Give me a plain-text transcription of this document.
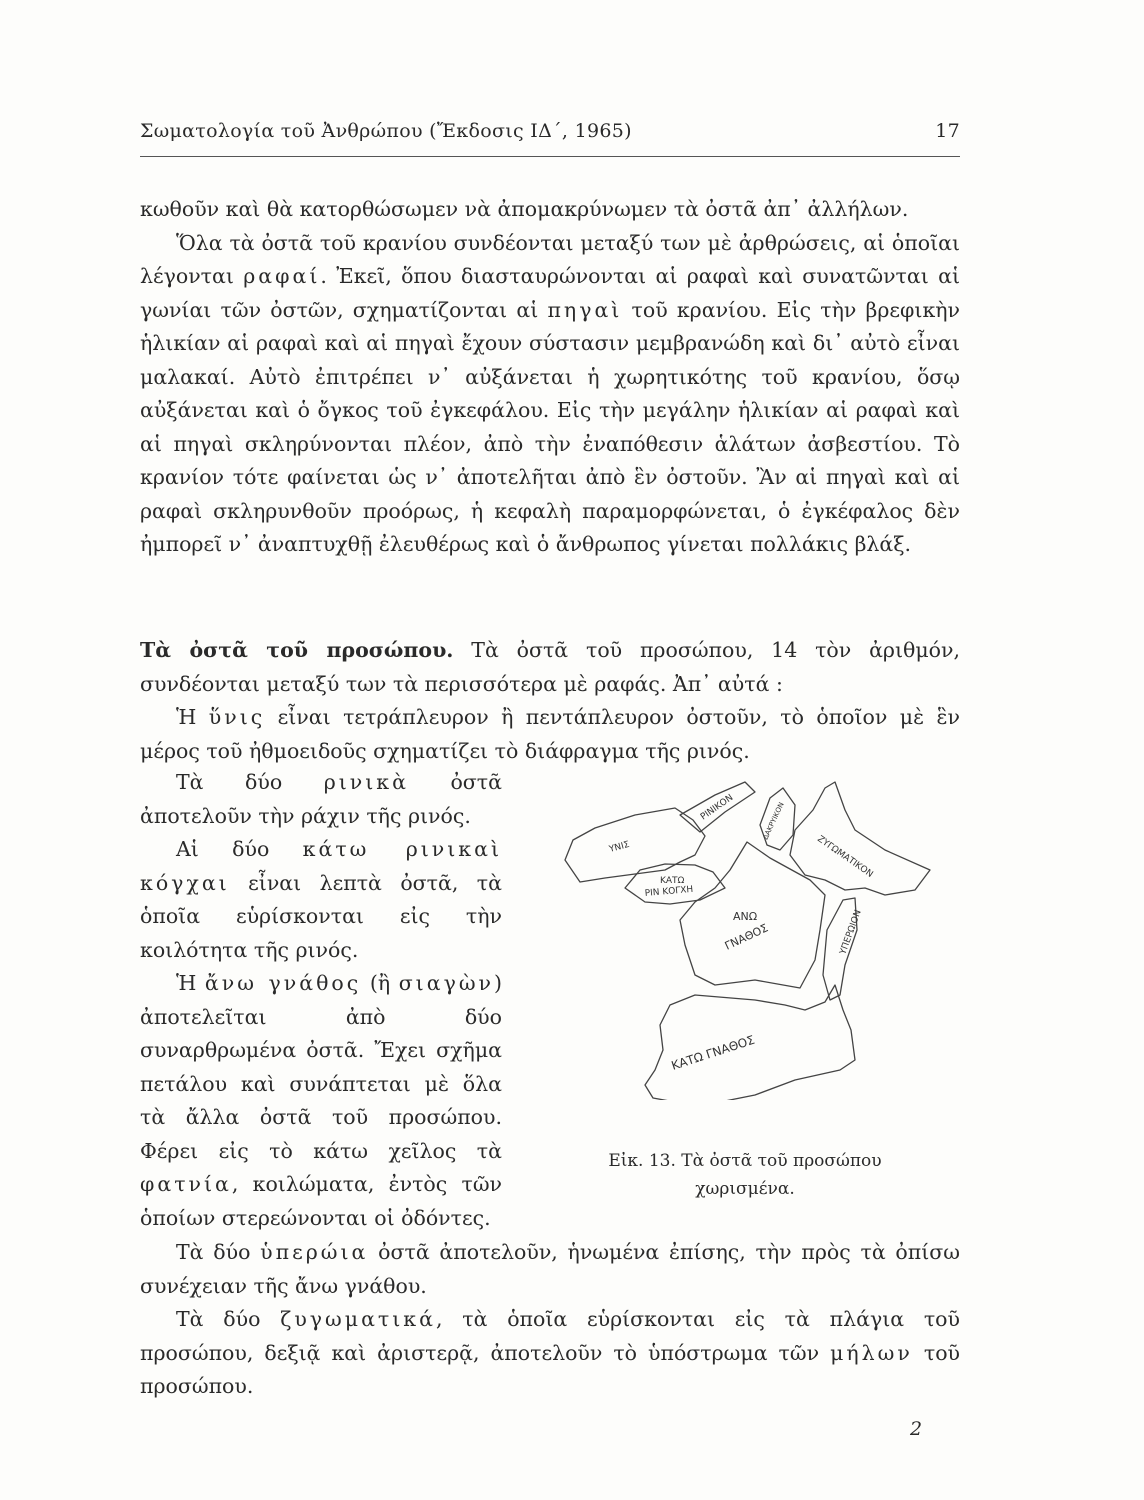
Σωματολογία τοῦ Ἀνθρώπου (Ἔκδοσις ΙΔ΄, 1965)	17

κωθοῦν καὶ θὰ κατορθώσωμεν νὰ ἀπομακρύνωμεν τὰ ὀστᾶ ἀπ᾽ ἀλλήλων.

Ὅλα τὰ ὀστᾶ τοῦ κρανίου συνδέονται μεταξύ των μὲ ἀρθρώσεις, αἱ ὁποῖαι λέγονται ραφαί. Ἐκεῖ, ὅπου διασταυρώνονται αἱ ραφαὶ καὶ συνατῶνται αἱ γωνίαι τῶν ὀστῶν, σχηματίζονται αἱ πηγαὶ τοῦ κρανίου. Εἰς τὴν βρεφικὴν ἡλικίαν αἱ ραφαὶ καὶ αἱ πηγαὶ ἔχουν σύστασιν μεμβρανώδη καὶ δι᾽ αὐτὸ εἶναι μαλακαί. Αὐτὸ ἐπιτρέπει ν᾽ αὐξάνεται ἡ χωρητικότης τοῦ κρανίου, ὅσῳ αὐξάνεται καὶ ὁ ὄγκος τοῦ ἐγκεφάλου. Εἰς τὴν μεγάλην ἡλικίαν αἱ ραφαὶ καὶ αἱ πηγαὶ σκληρύνονται πλέον, ἀπὸ τὴν ἐναπόθεσιν ἁλάτων ἀσβεστίου. Τὸ κρανίον τότε φαίνεται ὡς ν᾽ ἀποτελῆται ἀπὸ ἓν ὀστοῦν. Ἂν αἱ πηγαὶ καὶ αἱ ραφαὶ σκληρυνθοῦν προόρως, ἡ κεφαλὴ παραμορφώνεται, ὁ ἐγκέφαλος δὲν ἠμπορεῖ ν᾽ ἀναπτυχθῇ ἐλευθέρως καὶ ὁ ἄνθρωπος γίνεται πολλάκις βλάξ.

Τὰ ὀστᾶ τοῦ προσώπου. Τὰ ὀστᾶ τοῦ προσώπου, 14 τὸν ἀριθμόν, συνδέονται μεταξύ των τὰ περισσότερα μὲ ραφάς. Ἀπ᾽ αὐτά :

Ἡ ὕνις εἶναι τετράπλευρον ἢ πεντάπλευρον ὀστοῦν, τὸ ὁποῖον μὲ ἓν μέρος τοῦ ἠθμοειδοῦς σχηματίζει τὸ διάφραγμα τῆς ρινός.

Τὰ δύο ρινικὰ ὀστᾶ ἀποτελοῦν τὴν ράχιν τῆς ρινός.

Αἱ δύο κάτω ρινικαὶ κόγχαι εἶναι λεπτὰ ὀστᾶ, τὰ ὁποῖα εὑρίσκονται εἰς τὴν κοιλότητα τῆς ρινός.

Ἡ ἄνω γνάθος (ἢ σιαγὼν) ἀποτελεῖται ἀπὸ δύο συναρθρωμένα ὀστᾶ. Ἔχει σχῆμα πετάλου καὶ συνάπτεται μὲ ὅλα τὰ ἄλλα ὀστᾶ τοῦ προσώπου. Φέρει εἰς τὸ κάτω χεῖλος τὰ φατνία, κοιλώματα, ἐντὸς τῶν ὁποίων στερεώνονται οἱ ὀδόντες.

ΥΝΙΣ
ΡΙΝΙΚΟΝ	ΔΑΚΡΥΙΚΟΝ
ΖΥΓΩΜΑΤΙΚΟΝ
ΚΑΤΩ
ΡΙΝ ΚΟΓΧΗ
ΑΝΩ
ΓΝΑΘΟΣ	ΥΠΕΡΩΙΟΝ
ΚΑΤΩ ΓΝΑΘΟΣ
Εἰκ. 13. Τὰ ὀστᾶ τοῦ προσώπου
χωρισμένα.

Τὰ δύο ὑπερώια ὀστᾶ ἀποτελοῦν, ἡνωμένα ἐπίσης, τὴν πρὸς τὰ ὀπίσω συνέχειαν τῆς ἄνω γνάθου.

Τὰ δύο ζυγωματικά, τὰ ὁποῖα εὑρίσκονται εἰς τὰ πλάγια τοῦ προσώπου, δεξιᾷ καὶ ἀριστερᾷ, ἀποτελοῦν τὸ ὑπόστρωμα τῶν μήλων τοῦ προσώπου.

2
